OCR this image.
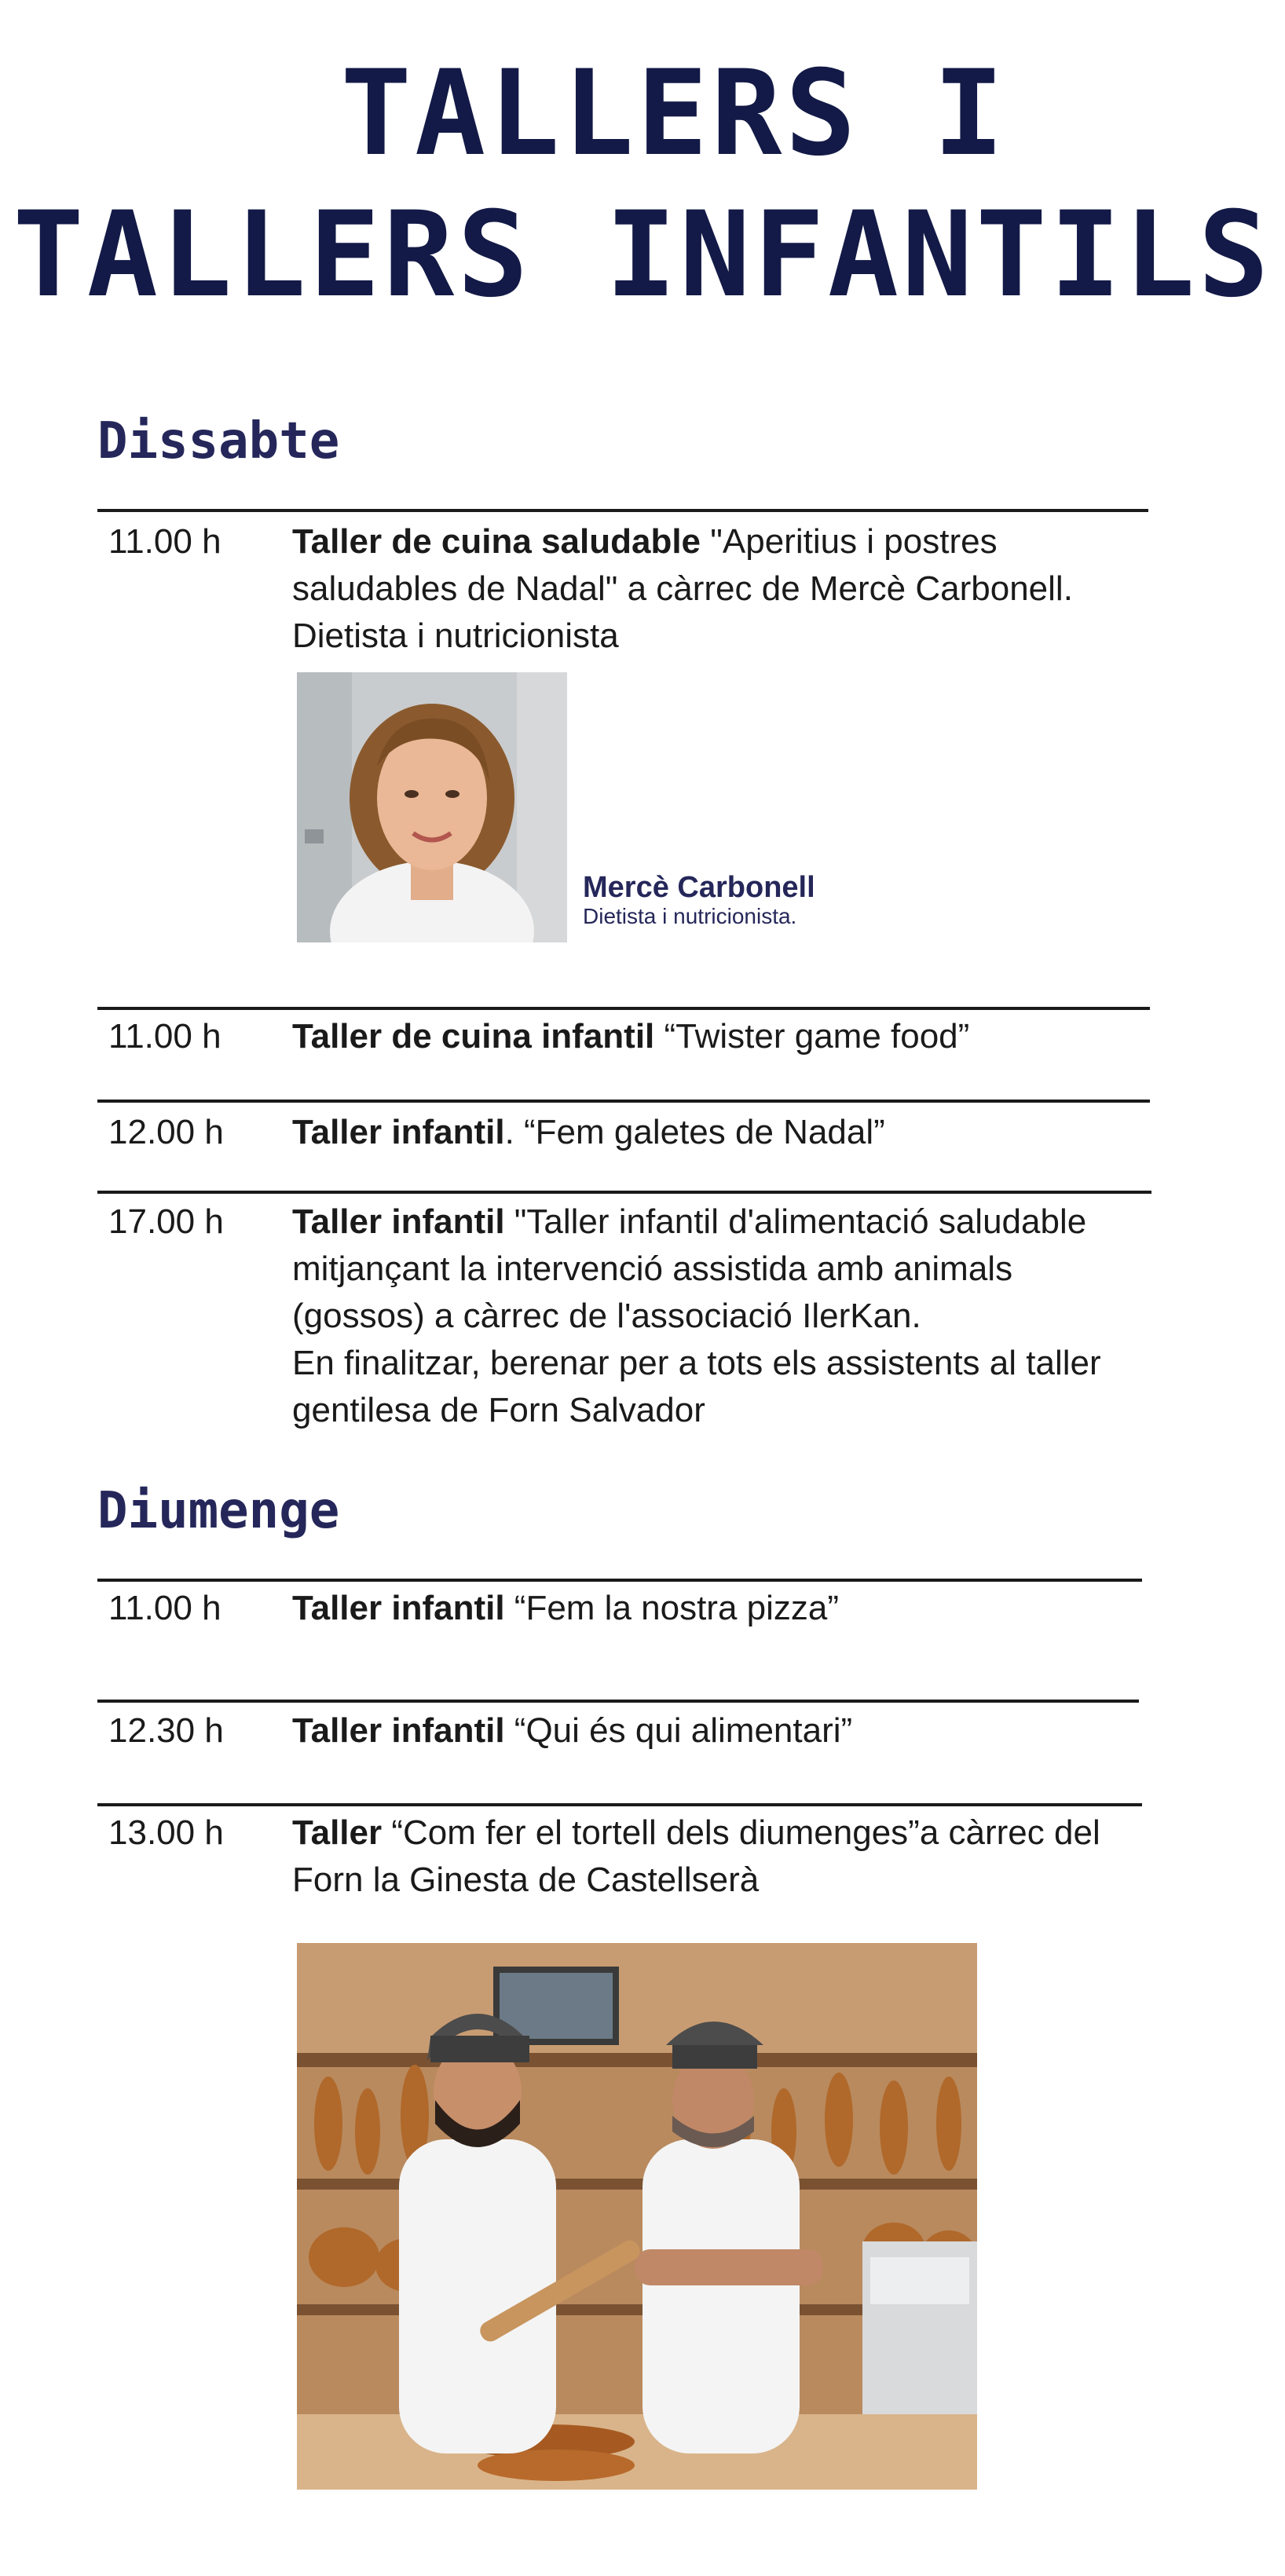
TALLERS I
TALLERS INFANTILS
Dissabte
11.00 h Taller de cuina saludable "Aperitius i postres saludables de Nadal" a càrrec de Mercè Carbonell. Dietista i nutricionista
Mercè Carbonell
Dietista i nutricionista.
11.00 h Taller de cuina infantil “Twister game food”
12.00 h Taller infantil. “Fem galetes de Nadal”
17.00 h Taller infantil "Taller infantil d'alimentació saludable mitjançant la intervenció assistida amb animals (gossos) a càrrec de l'associació IlerKan.
En finalitzar, berenar per a tots els assistents al taller gentilesa de Forn Salvador
Diumenge
11.00 h Taller infantil “Fem la nostra pizza”
12.30 h Taller infantil “Qui és qui alimentari”
13.00 h Taller “Com fer el tortell dels diumenges”a càrrec del Forn la Ginesta de Castellserà
